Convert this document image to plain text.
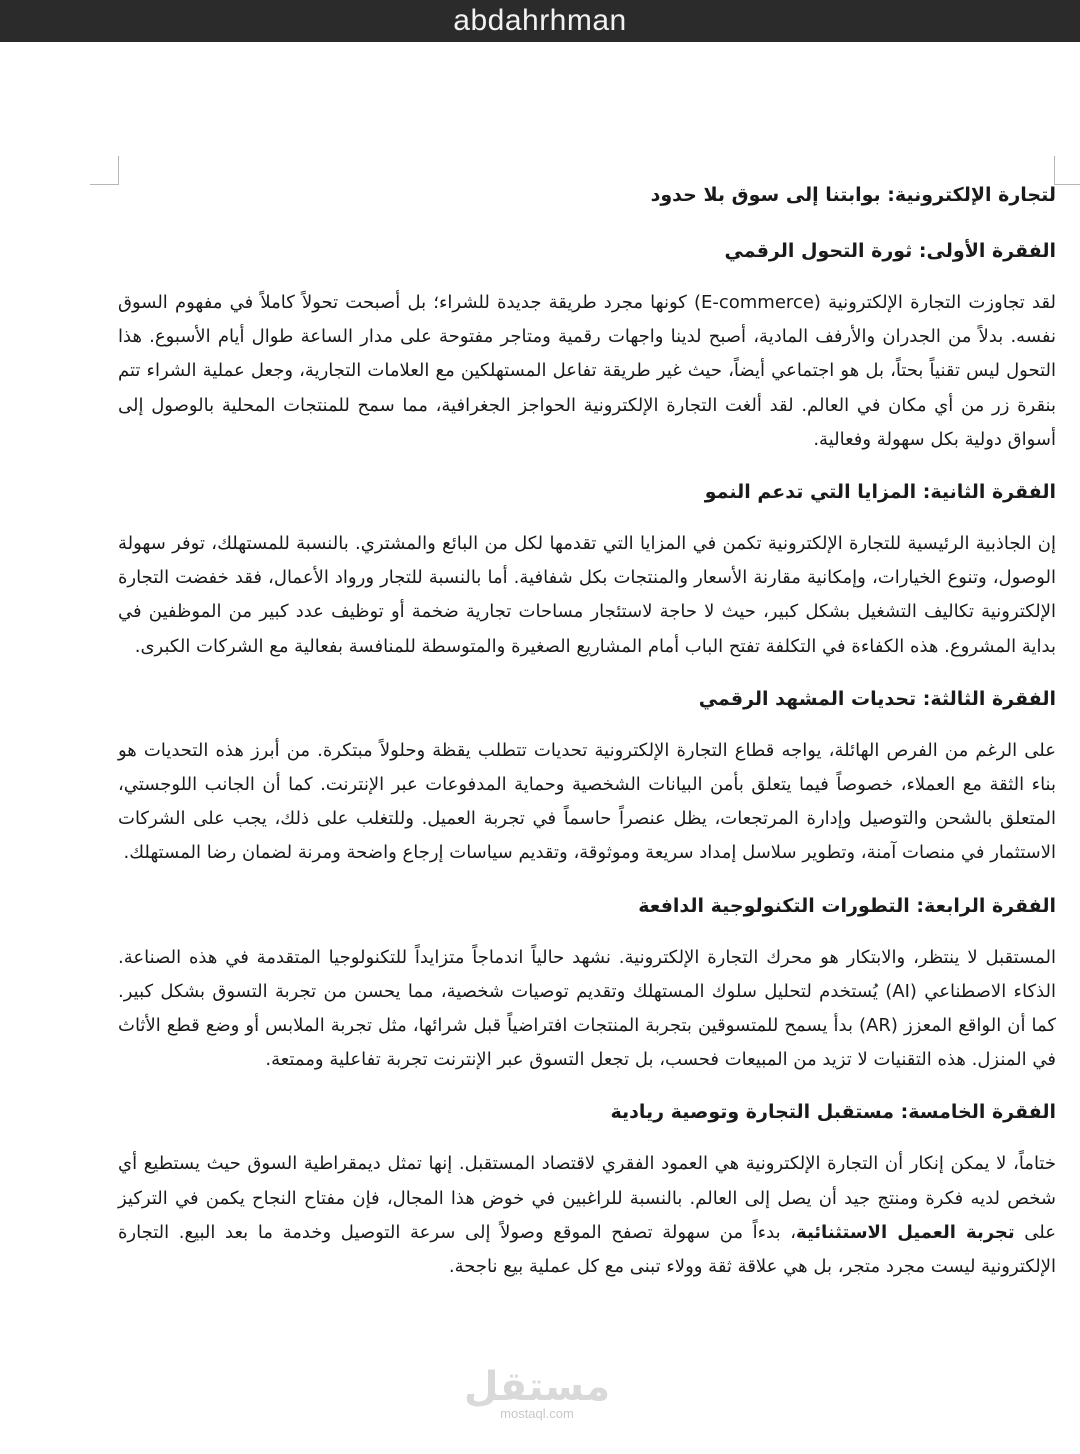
abdahrhman

لتجارة الإلكترونية: بوابتنا إلى سوق بلا حدود

الفقرة الأولى: ثورة التحول الرقمي

لقد تجاوزت التجارة الإلكترونية (E-commerce) كونها مجرد طريقة جديدة للشراء؛ بل أصبحت تحولاً كاملاً في مفهوم السوق نفسه. بدلاً من الجدران والأرفف المادية، أصبح لدينا واجهات رقمية ومتاجر مفتوحة على مدار الساعة طوال أيام الأسبوع. هذا التحول ليس تقنياً بحتاً، بل هو اجتماعي أيضاً، حيث غير طريقة تفاعل المستهلكين مع العلامات التجارية، وجعل عملية الشراء تتم بنقرة زر من أي مكان في العالم. لقد ألغت التجارة الإلكترونية الحواجز الجغرافية، مما سمح للمنتجات المحلية بالوصول إلى أسواق دولية بكل سهولة وفعالية.

الفقرة الثانية: المزايا التي تدعم النمو

إن الجاذبية الرئيسية للتجارة الإلكترونية تكمن في المزايا التي تقدمها لكل من البائع والمشتري. بالنسبة للمستهلك، توفر سهولة الوصول، وتنوع الخيارات، وإمكانية مقارنة الأسعار والمنتجات بكل شفافية. أما بالنسبة للتجار ورواد الأعمال، فقد خفضت التجارة الإلكترونية تكاليف التشغيل بشكل كبير، حيث لا حاجة لاستئجار مساحات تجارية ضخمة أو توظيف عدد كبير من الموظفين في بداية المشروع. هذه الكفاءة في التكلفة تفتح الباب أمام المشاريع الصغيرة والمتوسطة للمنافسة بفعالية مع الشركات الكبرى.

الفقرة الثالثة: تحديات المشهد الرقمي

على الرغم من الفرص الهائلة، يواجه قطاع التجارة الإلكترونية تحديات تتطلب يقظة وحلولاً مبتكرة. من أبرز هذه التحديات هو بناء الثقة مع العملاء، خصوصاً فيما يتعلق بأمن البيانات الشخصية وحماية المدفوعات عبر الإنترنت. كما أن الجانب اللوجستي، المتعلق بالشحن والتوصيل وإدارة المرتجعات، يظل عنصراً حاسماً في تجربة العميل. وللتغلب على ذلك، يجب على الشركات الاستثمار في منصات آمنة، وتطوير سلاسل إمداد سريعة وموثوقة، وتقديم سياسات إرجاع واضحة ومرنة لضمان رضا المستهلك.

الفقرة الرابعة: التطورات التكنولوجية الدافعة

المستقبل لا ينتظر، والابتكار هو محرك التجارة الإلكترونية. نشهد حالياً اندماجاً متزايداً للتكنولوجيا المتقدمة في هذه الصناعة. الذكاء الاصطناعي (AI) يُستخدم لتحليل سلوك المستهلك وتقديم توصيات شخصية، مما يحسن من تجربة التسوق بشكل كبير. كما أن الواقع المعزز (AR) بدأ يسمح للمتسوقين بتجربة المنتجات افتراضياً قبل شرائها، مثل تجربة الملابس أو وضع قطع الأثاث في المنزل. هذه التقنيات لا تزيد من المبيعات فحسب، بل تجعل التسوق عبر الإنترنت تجربة تفاعلية وممتعة.

الفقرة الخامسة: مستقبل التجارة وتوصية ريادية

ختاماً، لا يمكن إنكار أن التجارة الإلكترونية هي العمود الفقري لاقتصاد المستقبل. إنها تمثل ديمقراطية السوق حيث يستطيع أي شخص لديه فكرة ومنتج جيد أن يصل إلى العالم. بالنسبة للراغبين في خوض هذا المجال، فإن مفتاح النجاح يكمن في التركيز على تجربة العميل الاستثنائية، بدءاً من سهولة تصفح الموقع وصولاً إلى سرعة التوصيل وخدمة ما بعد البيع. التجارة الإلكترونية ليست مجرد متجر، بل هي علاقة ثقة وولاء تبنى مع كل عملية بيع ناجحة.

مستقل
mostaql.com
